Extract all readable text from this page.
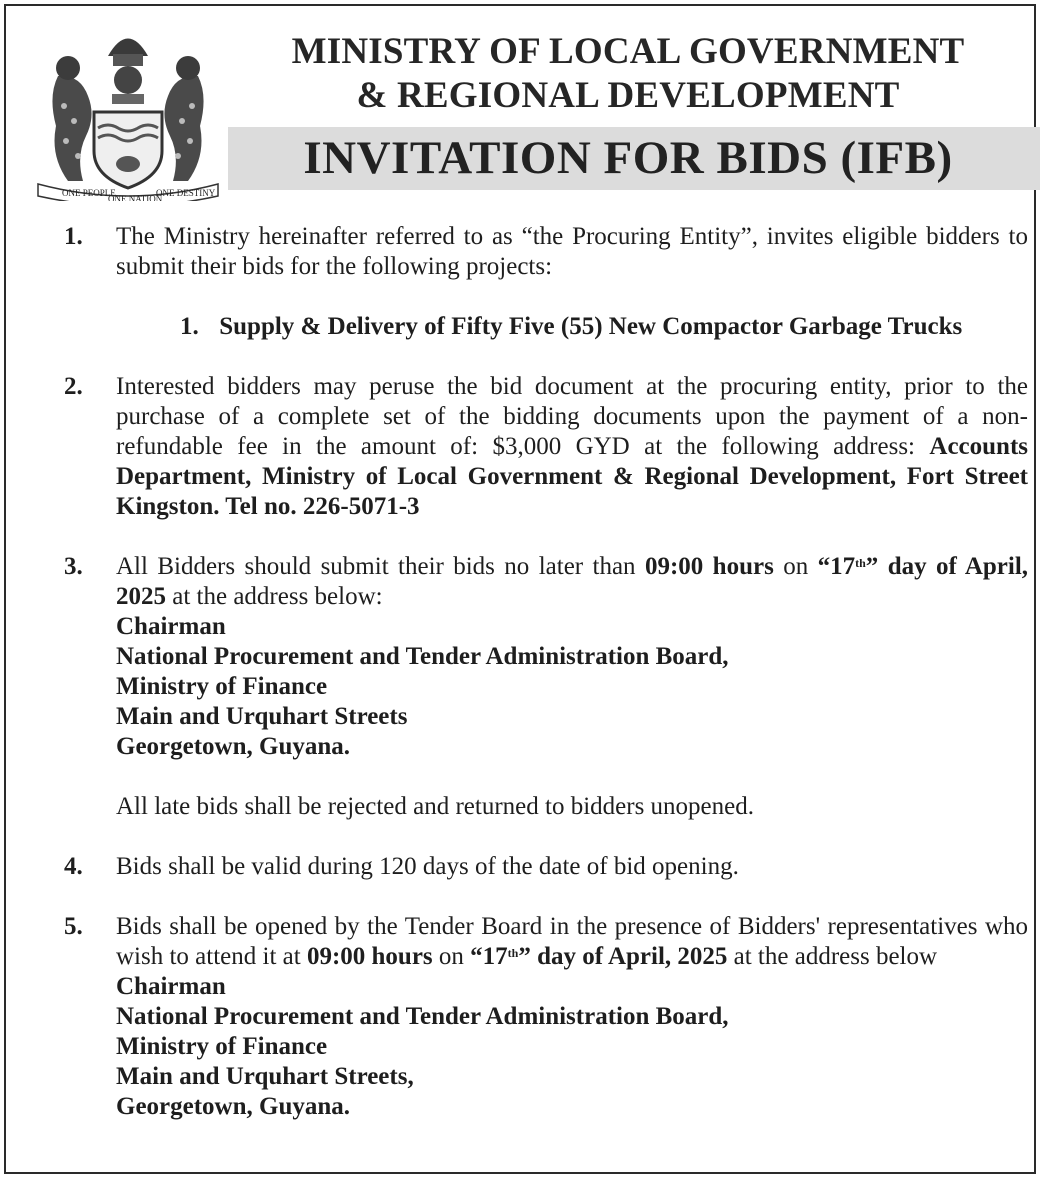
ONE PEOPLE
ONE NATION
ONE DESTINY
MINISTRY OF LOCAL GOVERNMENT
& REGIONAL DEVELOPMENT
INVITATION FOR BIDS (IFB)
1.	The Ministry hereinafter referred to as “the Procuring Entity”, invites eligible bidders to submit their bids for the following projects:
1. Supply & Delivery of Fifty Five (55) New Compactor Garbage Trucks
2.	Interested bidders may peruse the bid document at the procuring entity, prior to the purchase of a complete set of the bidding documents upon the payment of a non-refundable fee in the amount of: $3,000 GYD at the following address: Accounts Department, Ministry of Local Government & Regional Development, Fort Street Kingston. Tel no. 226-5071-3
3.	All Bidders should submit their bids no later than 09:00 hours on “17th” day of April, 2025 at the address below:
Chairman
National Procurement and Tender Administration Board,
Ministry of Finance
Main and Urquhart Streets
Georgetown, Guyana.
All late bids shall be rejected and returned to bidders unopened.
4.	Bids shall be valid during 120 days of the date of bid opening.
5.	Bids shall be opened by the Tender Board in the presence of Bidders' representatives who wish to attend it at 09:00 hours on “17th” day of April, 2025 at the address below
Chairman
National Procurement and Tender Administration Board,
Ministry of Finance
Main and Urquhart Streets,
Georgetown, Guyana.
